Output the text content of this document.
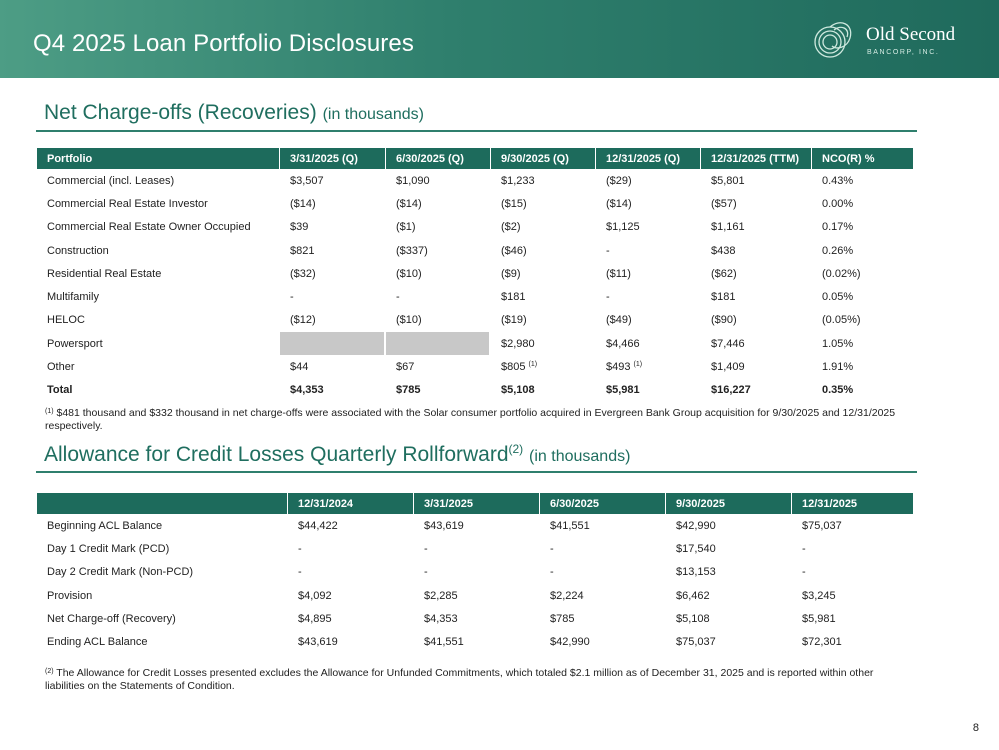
Q4 2025 Loan Portfolio Disclosures	Old Second
BANCORP, INC.
Net Charge-offs (Recoveries) (in thousands)
Portfolio	3/31/2025 (Q)	6/30/2025 (Q)	9/30/2025 (Q)	12/31/2025 (Q)	12/31/2025 (TTM)	NCO(R) %
Commercial (incl. Leases)	$3,507	$1,090	$1,233	($29)	$5,801	0.43%
Commercial Real Estate Investor	($14)	($14)	($15)	($14)	($57)	0.00%
Commercial Real Estate Owner Occupied	$39	($1)	($2)	$1,125	$1,161	0.17%
Construction	$821	($337)	($46)	-	$438	0.26%
Residential Real Estate	($32)	($10)	($9)	($11)	($62)	(0.02%)
Multifamily	-	-	$181	-	$181	0.05%
HELOC	($12)	($10)	($19)	($49)	($90)	(0.05%)
Powersport			$2,980	$4,466	$7,446	1.05%
Other	$44	$67	$805 $^{(1)}$	$493 $^{(1)}$	$1,409	1.91%
Total	$4,353	$785	$5,108	$5,981	$16,227	0.35%
$^{(1)}$ $481 thousand and $332 thousand in net charge-offs were associated with the Solar consumer portfolio acquired in Evergreen Bank Group acquisition for 9/30/2025 and 12/31/2025 respectively.
Allowance for Credit Losses Quarterly Rollforward$^{(2)}$ (in thousands)
	12/31/2024	3/31/2025	6/30/2025	9/30/2025	12/31/2025
Beginning ACL Balance	$44,422	$43,619	$41,551	$42,990	$75,037
Day 1 Credit Mark (PCD)	-	-	-	$17,540	-
Day 2 Credit Mark (Non-PCD)	-	-	-	$13,153	-
Provision	$4,092	$2,285	$2,224	$6,462	$3,245
Net Charge-off (Recovery)	$4,895	$4,353	$785	$5,108	$5,981
Ending ACL Balance	$43,619	$41,551	$42,990	$75,037	$72,301
$^{(2)}$ The Allowance for Credit Losses presented excludes the Allowance for Unfunded Commitments, which totaled $2.1 million as of December 31, 2025 and is reported within other liabilities on the Statements of Condition.
8
